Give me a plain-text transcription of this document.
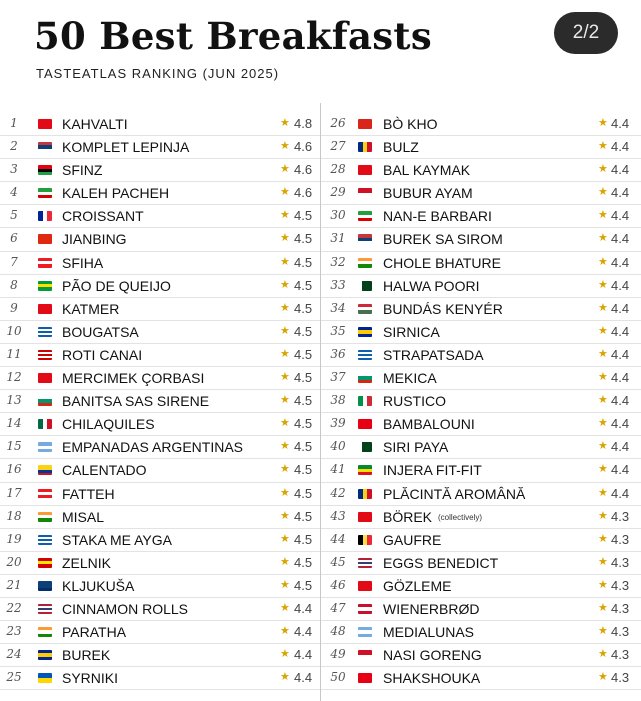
50 Best Breakfasts
TASTEATLAS RANKING (JUN 2025)
2/2
1	KAHVALTI	★ 4.8
2	KOMPLET LEPINJA	★ 4.6
3	SFINZ	★ 4.6
4	KALEH PACHEH	★ 4.6
5	CROISSANT	★ 4.5
6	JIANBING	★ 4.5
7	SFIHA	★ 4.5
8	PÃO DE QUEIJO	★ 4.5
9	KATMER	★ 4.5
10	BOUGATSA	★ 4.5
11	ROTI CANAI	★ 4.5
12	MERCIMEK ÇORBASI	★ 4.5
13	BANITSA SAS SIRENE	★ 4.5
14	CHILAQUILES	★ 4.5
15	EMPANADAS ARGENTINAS	★ 4.5
16	CALENTADO	★ 4.5
17	FATTEH	★ 4.5
18	MISAL	★ 4.5
19	STAKA ME AYGA	★ 4.5
20	ZELNIK	★ 4.5
21	KLJUKUŠA	★ 4.5
22	CINNAMON ROLLS	★ 4.4
23	PARATHA	★ 4.4
24	BUREK	★ 4.4
25	SYRNIKI	★ 4.4
26	BÒ KHO	★ 4.4
27	BULZ	★ 4.4
28	BAL KAYMAK	★ 4.4
29	BUBUR AYAM	★ 4.4
30	NAN-E BARBARI	★ 4.4
31	BUREK SA SIROM	★ 4.4
32	CHOLE BHATURE	★ 4.4
33	HALWA POORI	★ 4.4
34	BUNDÁS KENYÉR	★ 4.4
35	SIRNICA	★ 4.4
36	STRAPATSADA	★ 4.4
37	MEKICA	★ 4.4
38	RUSTICO	★ 4.4
39	BAMBALOUNI	★ 4.4
40	SIRI PAYA	★ 4.4
41	INJERA FIT-FIT	★ 4.4
42	PLĂCINTĂ AROMÂNĂ	★ 4.4
43	BÖREK (collectively)	★ 4.3
44	GAUFRE	★ 4.3
45	EGGS BENEDICT	★ 4.3
46	GÖZLEME	★ 4.3
47	WIENERBRØD	★ 4.3
48	MEDIALUNAS	★ 4.3
49	NASI GORENG	★ 4.3
50	SHAKSHOUKA	★ 4.3
